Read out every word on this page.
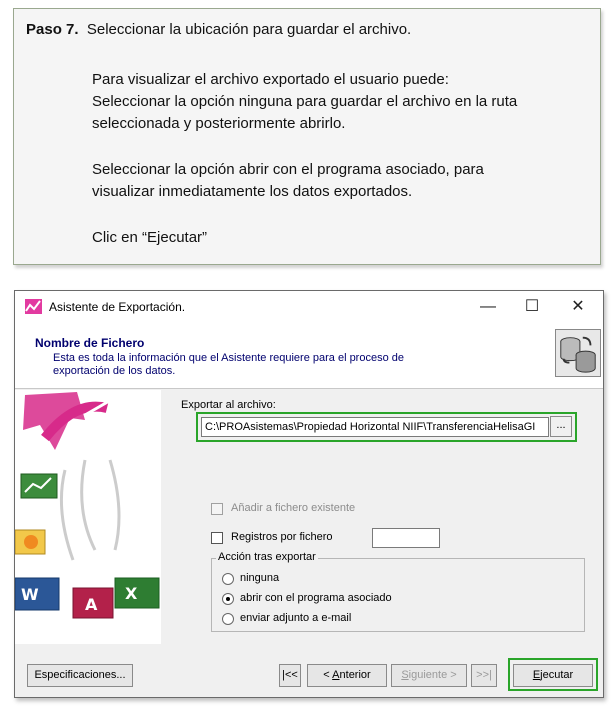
Paso 7. Seleccionar la ubicación para guardar el archivo.

Para visualizar el archivo exportado el usuario puede:

Seleccionar la opción ninguna para guardar el archivo en la ruta

seleccionada y posteriormente abrirlo.

Seleccionar la opción abrir con el programa asociado, para

visualizar inmediatamente los datos exportados.

Clic en “Ejecutar”

Asistente de Exportación.	—	☐	✕
Nombre de Fichero
Esta es toda la información que el Asistente requiere para el proceso de
exportación de los datos.
W
A
X
Exportar al archivo:
C:\PROAsistemas\Propiedad Horizontal NIIF\TransferenciaHelisaGI	...
Añadir a fichero existente
Registros por fichero
Acción tras exportar
ninguna
abrir con el programa asociado
enviar adjunto a e-mail
Especificaciones...	|<<	< Anterior	Siguiente >	>>|	Ejecutar
